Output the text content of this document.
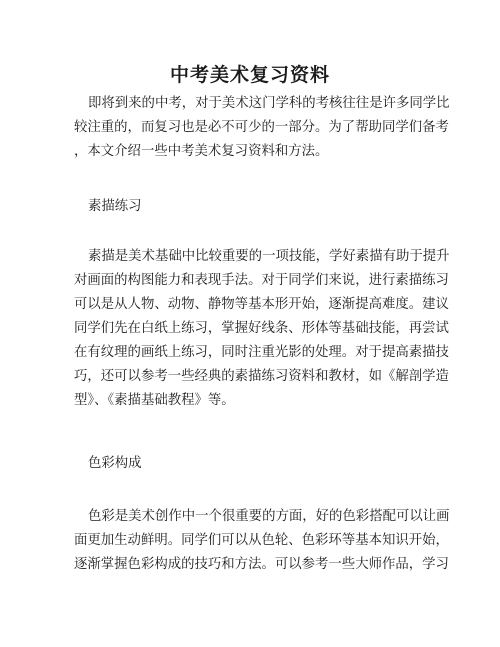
中考美术复习资料
即将到来的中考，对于美术这门学科的考核往往是许多同学比
较注重的，而复习也是必不可少的一部分。为了帮助同学们备考
，本文介绍一些中考美术复习资料和方法。

素描练习

素描是美术基础中比较重要的一项技能，学好素描有助于提升
对画面的构图能力和表现手法。对于同学们来说，进行素描练习
可以是从人物、动物、静物等基本形开始，逐渐提高难度。建议
同学们先在白纸上练习，掌握好线条、形体等基础技能，再尝试
在有纹理的画纸上练习，同时注重光影的处理。对于提高素描技
巧，还可以参考一些经典的素描练习资料和教材，如《解剖学造
型》、《素描基础教程》等。

色彩构成

色彩是美术创作中一个很重要的方面，好的色彩搭配可以让画
面更加生动鲜明。同学们可以从色轮、色彩环等基本知识开始，
逐渐掌握色彩构成的技巧和方法。可以参考一些大师作品，学习
